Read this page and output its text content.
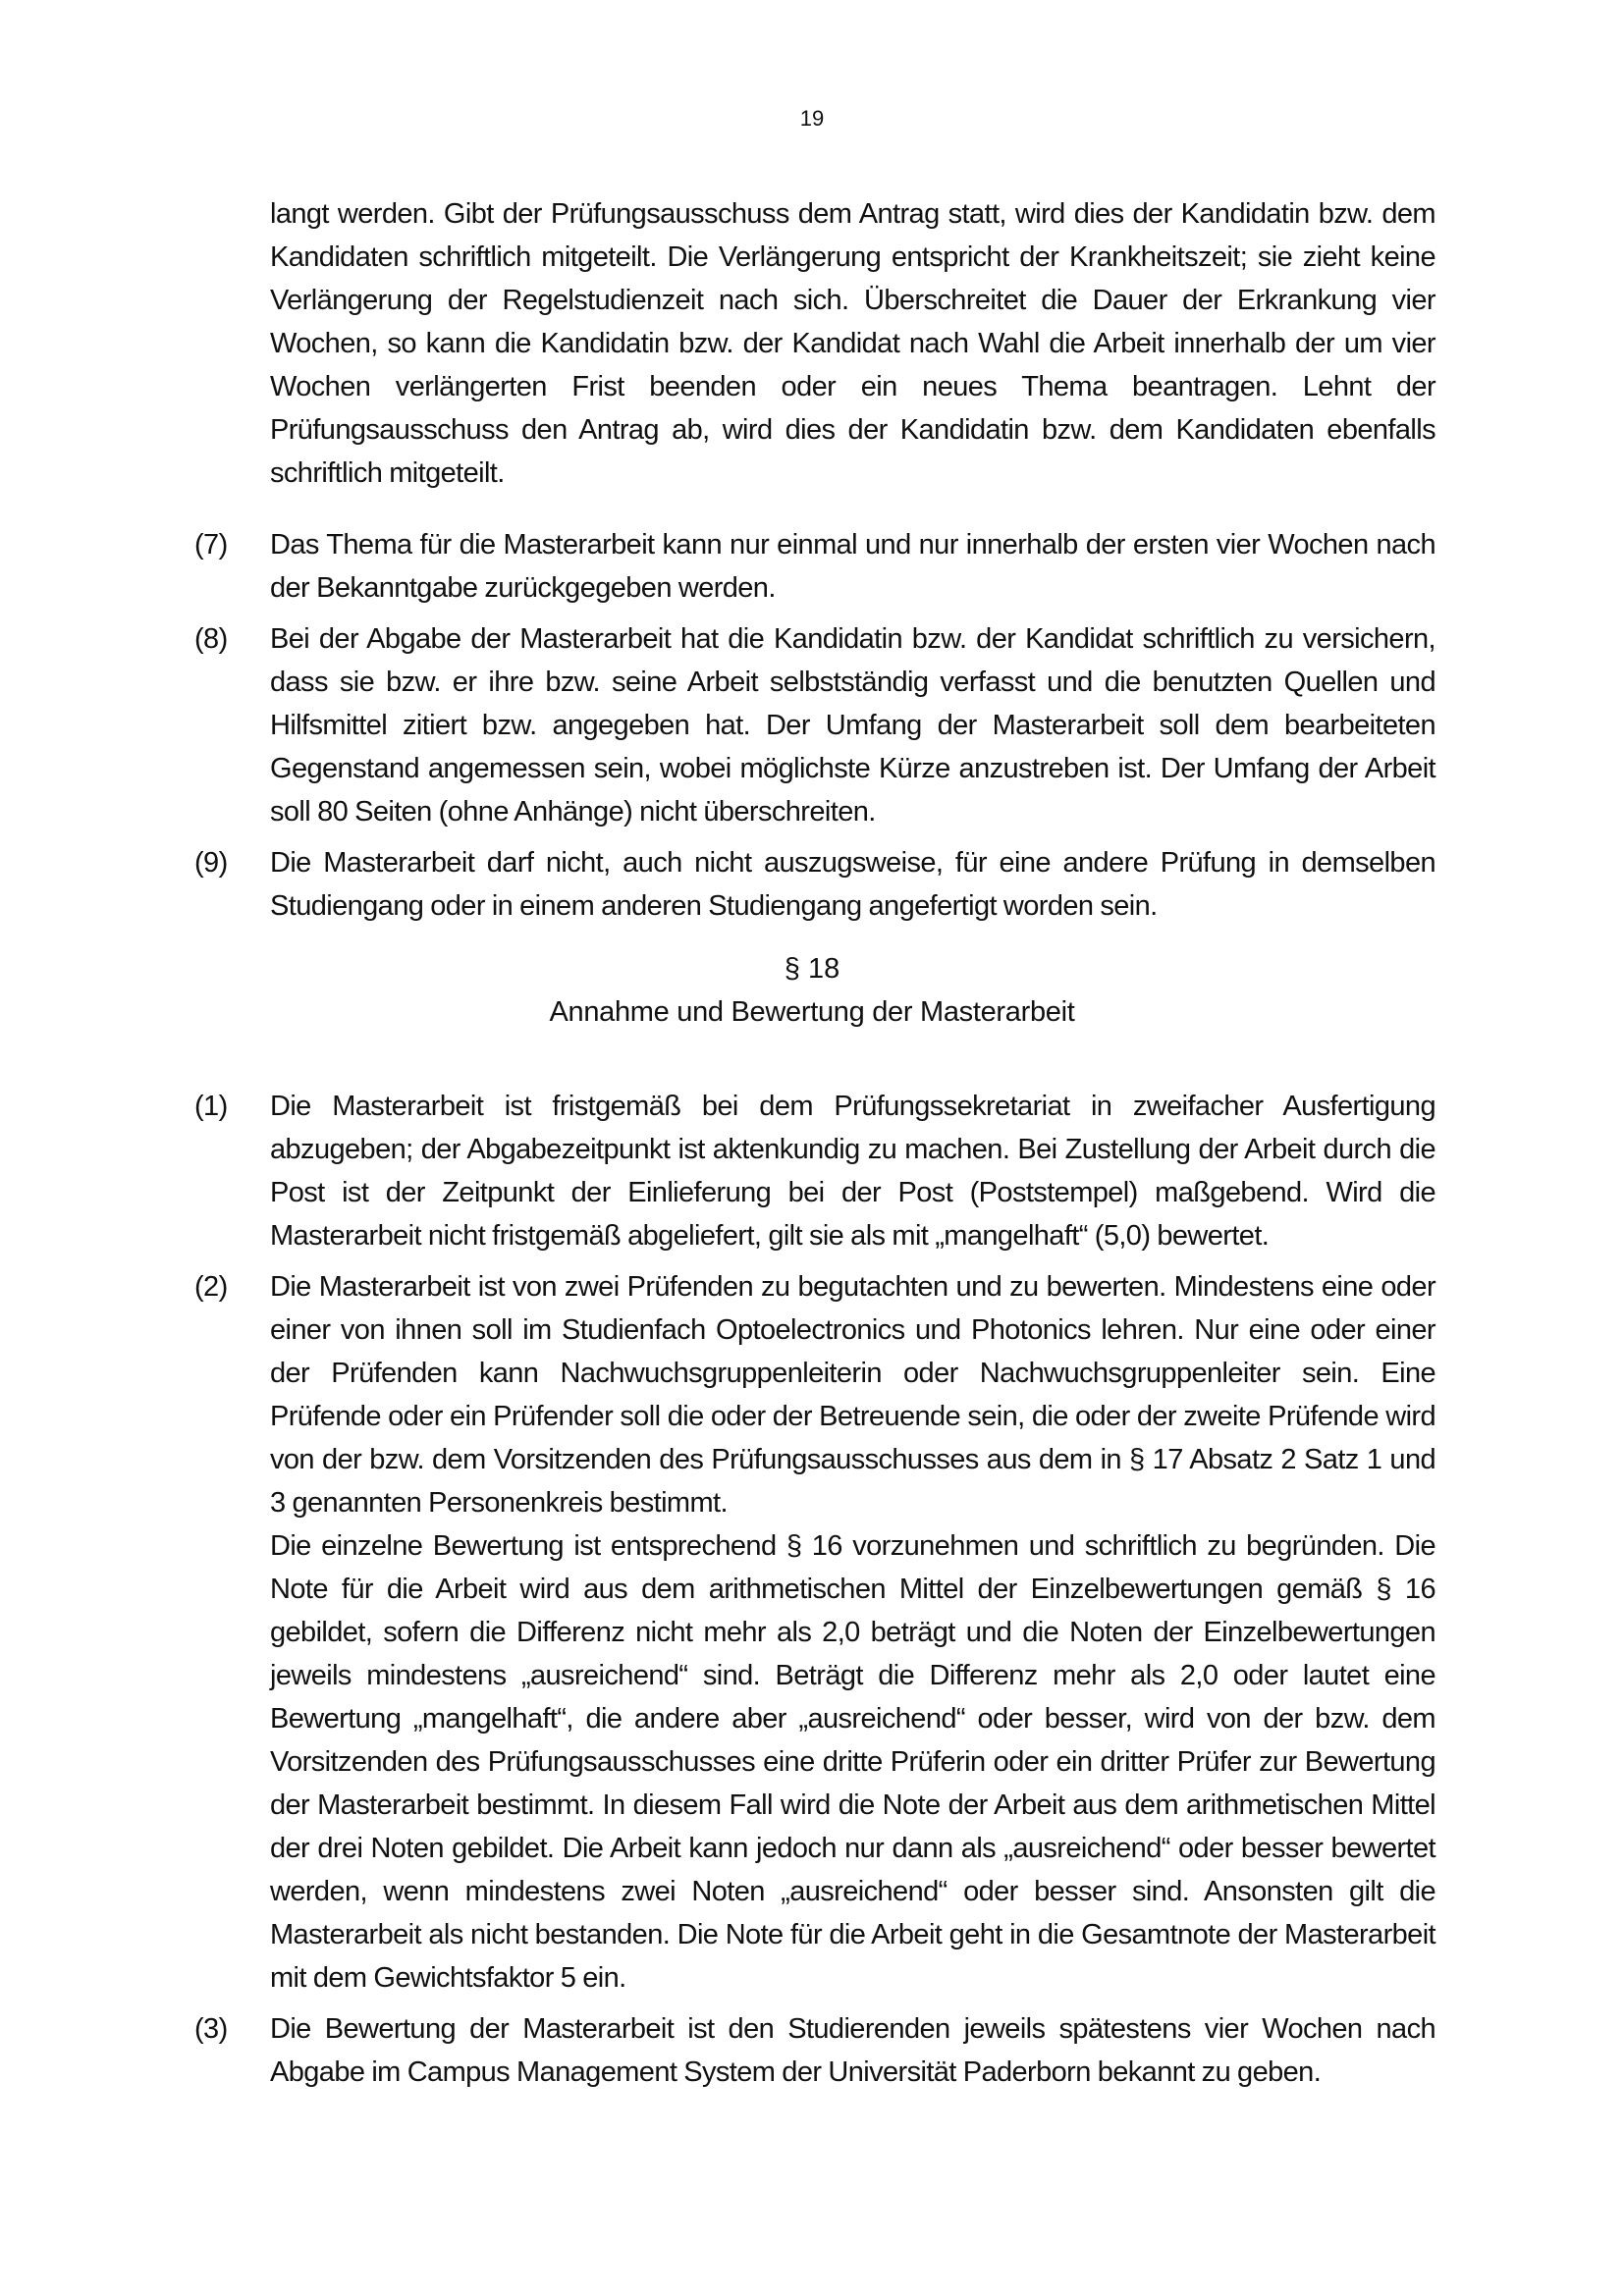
19

langt werden. Gibt der Prüfungsausschuss dem Antrag statt, wird dies der Kandidatin bzw. dem Kandidaten schriftlich mitgeteilt. Die Verlängerung entspricht der Krankheitszeit; sie zieht keine Verlängerung der Regelstudienzeit nach sich. Überschreitet die Dauer der Erkrankung vier Wochen, so kann die Kandidatin bzw. der Kandidat nach Wahl die Arbeit innerhalb der um vier Wochen verlängerten Frist beenden oder ein neues Thema beantragen. Lehnt der Prüfungsausschuss den Antrag ab, wird dies der Kandidatin bzw. dem Kandidaten ebenfalls schriftlich mitgeteilt.

(7) Das Thema für die Masterarbeit kann nur einmal und nur innerhalb der ersten vier Wochen nach der Bekanntgabe zurückgegeben werden.
(8) Bei der Abgabe der Masterarbeit hat die Kandidatin bzw. der Kandidat schriftlich zu versichern, dass sie bzw. er ihre bzw. seine Arbeit selbstständig verfasst und die benutzten Quellen und Hilfsmittel zitiert bzw. angegeben hat. Der Umfang der Masterarbeit soll dem bearbeiteten Gegenstand angemessen sein, wobei möglichste Kürze anzustreben ist. Der Umfang der Arbeit soll 80 Seiten (ohne Anhänge) nicht überschreiten.
(9) Die Masterarbeit darf nicht, auch nicht auszugsweise, für eine andere Prüfung in demselben Studiengang oder in einem anderen Studiengang angefertigt worden sein.
§ 18
Annahme und Bewertung der Masterarbeit
(1) Die Masterarbeit ist fristgemäß bei dem Prüfungssekretariat in zweifacher Ausfertigung abzugeben; der Abgabezeitpunkt ist aktenkundig zu machen. Bei Zustellung der Arbeit durch die Post ist der Zeitpunkt der Einlieferung bei der Post (Poststempel) maßgebend. Wird die Masterarbeit nicht fristgemäß abgeliefert, gilt sie als mit „mangelhaft“ (5,0) bewertet.
(2) Die Masterarbeit ist von zwei Prüfenden zu begutachten und zu bewerten. Mindestens eine oder einer von ihnen soll im Studienfach Optoelectronics und Photonics lehren. Nur eine oder einer der Prüfenden kann Nachwuchsgruppenleiterin oder Nachwuchsgruppenleiter sein. Eine Prüfende oder ein Prüfender soll die oder der Betreuende sein, die oder der zweite Prüfende wird von der bzw. dem Vorsitzenden des Prüfungsausschusses aus dem in § 17 Absatz 2 Satz 1 und 3 genannten Personenkreis bestimmt.
Die einzelne Bewertung ist entsprechend § 16 vorzunehmen und schriftlich zu begründen. Die Note für die Arbeit wird aus dem arithmetischen Mittel der Einzelbewertungen gemäß § 16 gebildet, sofern die Differenz nicht mehr als 2,0 beträgt und die Noten der Einzelbewertungen jeweils mindestens „ausreichend“ sind. Beträgt die Differenz mehr als 2,0 oder lautet eine Bewertung „mangelhaft“, die andere aber „ausreichend“ oder besser, wird von der bzw. dem Vorsitzenden des Prüfungsausschusses eine dritte Prüferin oder ein dritter Prüfer zur Bewertung der Masterarbeit bestimmt. In diesem Fall wird die Note der Arbeit aus dem arithmetischen Mittel der drei Noten gebildet. Die Arbeit kann jedoch nur dann als „ausreichend“ oder besser bewertet werden, wenn mindestens zwei Noten „ausreichend“ oder besser sind. Ansonsten gilt die Masterarbeit als nicht bestanden. Die Note für die Arbeit geht in die Gesamtnote der Masterarbeit mit dem Gewichtsfaktor 5 ein.
(3) Die Bewertung der Masterarbeit ist den Studierenden jeweils spätestens vier Wochen nach Abgabe im Campus Management System der Universität Paderborn bekannt zu geben.
